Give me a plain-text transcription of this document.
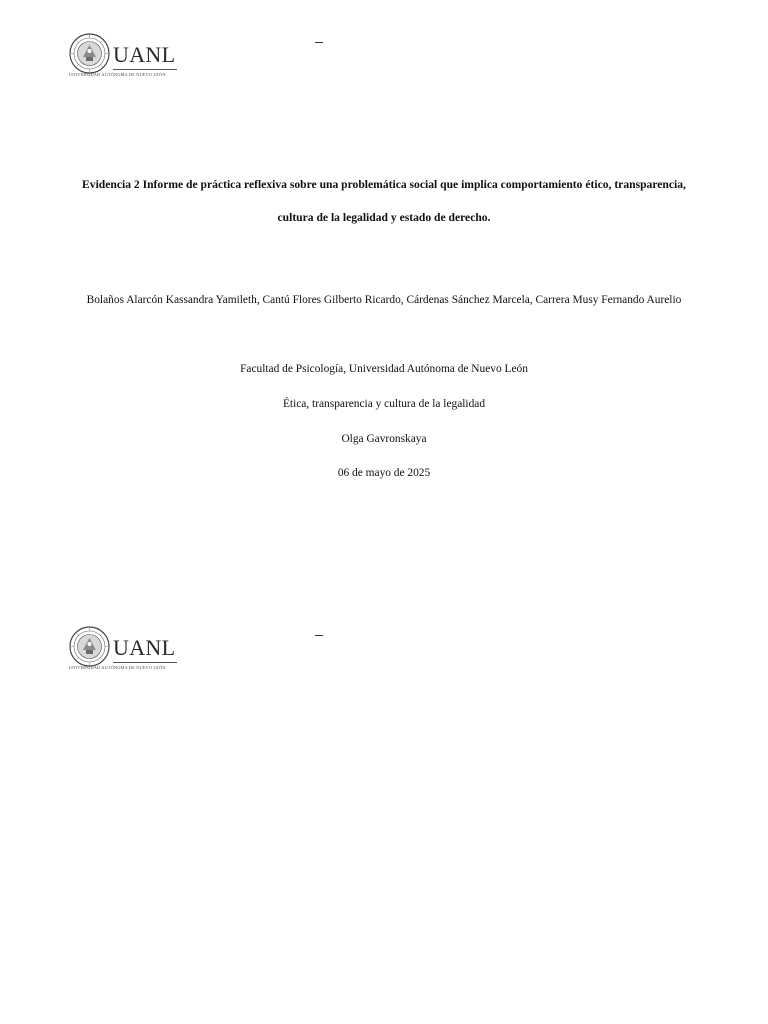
UANL
UNIVERSIDAD AUTÓNOMA DE NUEVO LEÓN
Evidencia 2 Informe de práctica reflexiva sobre una problemática social que implica comportamiento ético, transparencia,
cultura de la legalidad y estado de derecho.
Bolaños Alarcón Kassandra Yamileth, Cantú Flores Gilberto Ricardo, Cárdenas Sánchez Marcela, Carrera Musy Fernando Aurelio
Facultad de Psicología, Universidad Autónoma de Nuevo León
Ética, transparencia y cultura de la legalidad
Olga Gavronskaya
06 de mayo de 2025
UANL
UNIVERSIDAD AUTÓNOMA DE NUEVO LEÓN
